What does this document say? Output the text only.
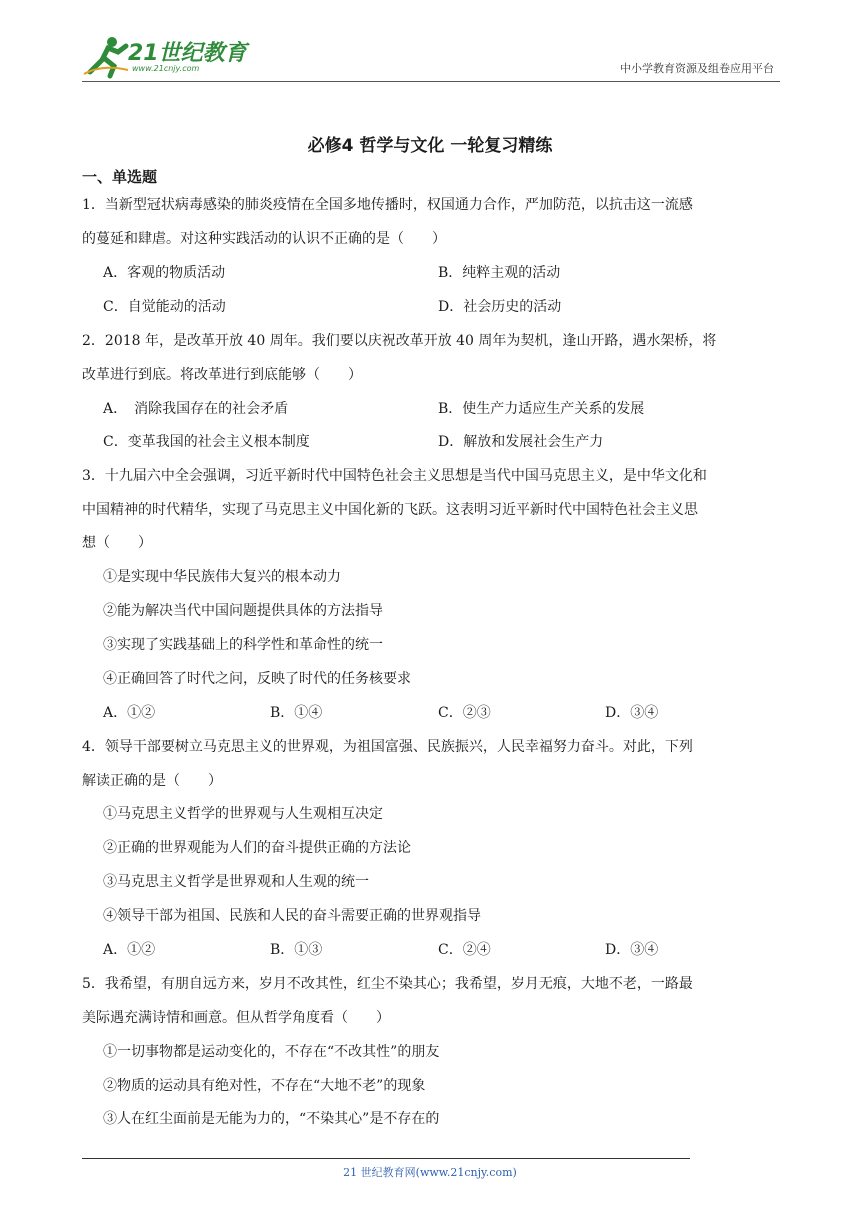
21世纪教育
www.21cnjy.com	中小学教育资源及组卷应用平台
必修4 哲学与文化 一轮复习精练
一、单选题
1．当新型冠状病毒感染的肺炎疫情在全国多地传播时，权国通力合作，严加防范，以抗击这一流感
的蔓延和肆虐。对这种实践活动的认识不正确的是（　　）
A．客观的物质活动	B．纯粹主观的活动
C．自觉能动的活动	D．社会历史的活动
2．2018 年，是改革开放 40 周年。我们要以庆祝改革开放 40 周年为契机，逢山开路，遇水架桥，将
改革进行到底。将改革进行到底能够（　　）
A．　消除我国存在的社会矛盾	B．使生产力适应生产关系的发展
C．变革我国的社会主义根本制度	D．解放和发展社会生产力
3．十九届六中全会强调，习近平新时代中国特色社会主义思想是当代中国马克思主义，是中华文化和
中国精神的时代精华，实现了马克思主义中国化新的飞跃。这表明习近平新时代中国特色社会主义思
想（　　）
①是实现中华民族伟大复兴的根本动力
②能为解决当代中国问题提供具体的方法指导
③实现了实践基础上的科学性和革命性的统一
④正确回答了时代之问，反映了时代的任务核要求
A．①②	B．①④	C．②③	D．③④
4．领导干部要树立马克思主义的世界观，为祖国富强、民族振兴，人民幸福努力奋斗。对此，下列
解读正确的是（　　）
①马克思主义哲学的世界观与人生观相互决定
②正确的世界观能为人们的奋斗提供正确的方法论
③马克思主义哲学是世界观和人生观的统一
④领导干部为祖国、民族和人民的奋斗需要正确的世界观指导
A．①②	B．①③	C．②④	D．③④
5．我希望，有朋自远方来，岁月不改其性，红尘不染其心；我希望，岁月无痕，大地不老，一路最
美际遇充满诗情和画意。但从哲学角度看（　　）
①一切事物都是运动变化的，不存在“不改其性”的朋友
②物质的运动具有绝对性，不存在“大地不老”的现象
③人在红尘面前是无能为力的，“不染其心”是不存在的
21 世纪教育网(www.21cnjy.com)
